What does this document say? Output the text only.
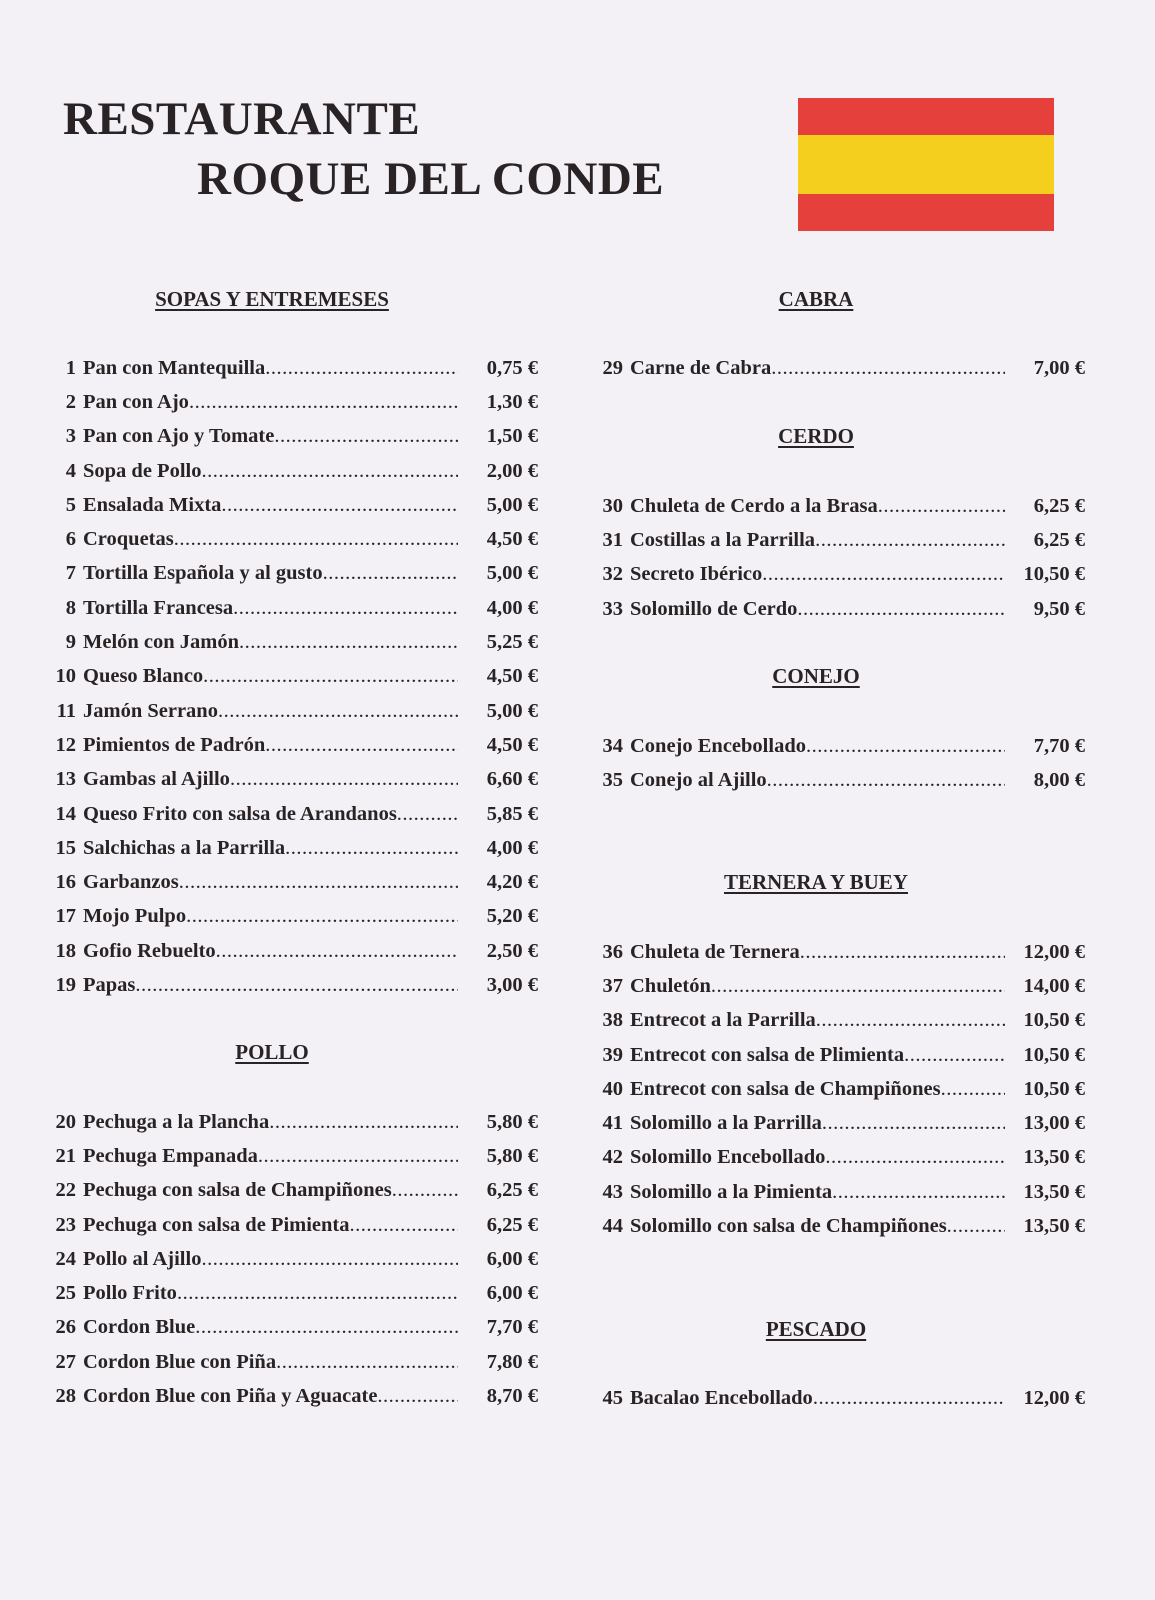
RESTAURANTE
ROQUE DEL CONDE
SOPAS Y ENTREMESES
POLLO
CABRA
CERDO
CONEJO
TERNERA Y BUEY
PESCADO
1 Pan con Mantequilla .....	0,75 €
2 Pan con Ajo .....	1,30 €
3 Pan con Ajo y Tomate .....	1,50 €
4 Sopa de Pollo .....	2,00 €
5 Ensalada Mixta .....	5,00 €
6 Croquetas .....	4,50 €
7 Tortilla Española y al gusto .....	5,00 €
8 Tortilla Francesa .....	4,00 €
9 Melón con Jamón .....	5,25 €
10 Queso Blanco .....	4,50 €
11 Jamón Serrano .....	5,00 €
12 Pimientos de Padrón .....	4,50 €
13 Gambas al Ajillo .....	6,60 €
14 Queso Frito con salsa de Arandanos .....	5,85 €
15 Salchichas a la Parrilla .....	4,00 €
16 Garbanzos .....	4,20 €
17 Mojo Pulpo .....	5,20 €
18 Gofio Rebuelto .....	2,50 €
19 Papas .....	3,00 €
20 Pechuga a la Plancha .....	5,80 €
21 Pechuga Empanada .....	5,80 €
22 Pechuga con salsa de Champiñones .....	6,25 €
23 Pechuga con salsa de Pimienta .....	6,25 €
24 Pollo al Ajillo .....	6,00 €
25 Pollo Frito .....	6,00 €
26 Cordon Blue .....	7,70 €
27 Cordon Blue con Piña .....	7,80 €
28 Cordon Blue con Piña y Aguacate .....	8,70 €
29 Carne de Cabra .....	7,00 €
30 Chuleta de Cerdo a la Brasa .....	6,25 €
31 Costillas a la Parrilla .....	6,25 €
32 Secreto Ibérico .....	10,50 €
33 Solomillo de Cerdo .....	9,50 €
34 Conejo Encebollado .....	7,70 €
35 Conejo al Ajillo .....	8,00 €
36 Chuleta de Ternera .....	12,00 €
37 Chuletón .....	14,00 €
38 Entrecot a la Parrilla .....	10,50 €
39 Entrecot con salsa de Plimienta .....	10,50 €
40 Entrecot con salsa de Champiñones .....	10,50 €
41 Solomillo a la Parrilla .....	13,00 €
42 Solomillo Encebollado .....	13,50 €
43 Solomillo a la Pimienta .....	13,50 €
44 Solomillo con salsa de Champiñones .....	13,50 €
45 Bacalao Encebollado .....	12,00 €
